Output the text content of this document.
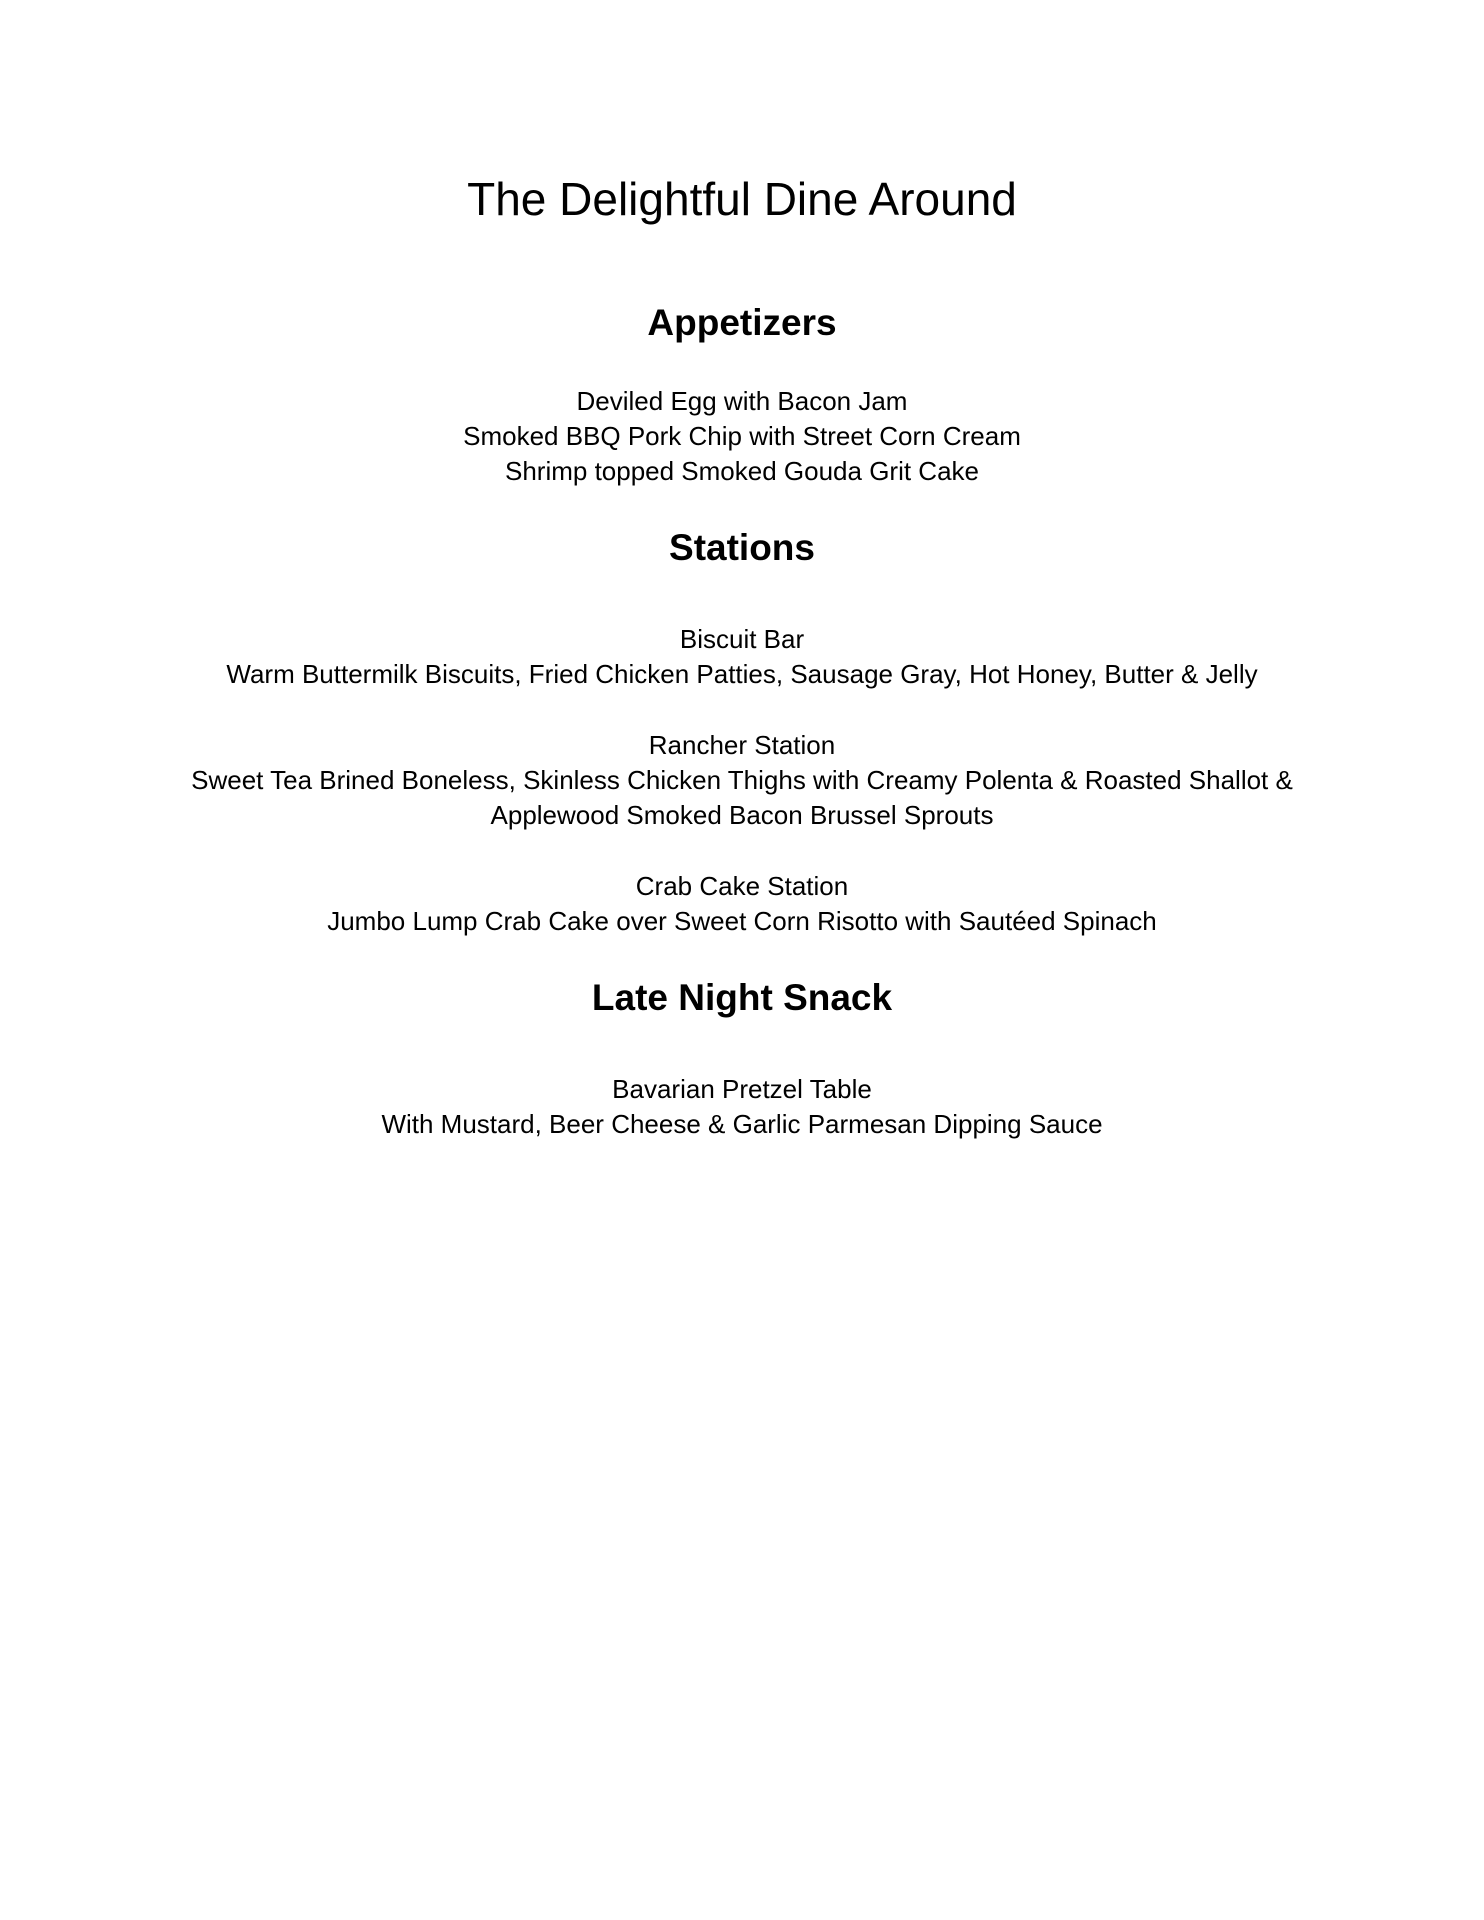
The Delightful Dine Around
Appetizers
Deviled Egg with Bacon Jam
Smoked BBQ Pork Chip with Street Corn Cream
Shrimp topped Smoked Gouda Grit Cake
Stations
Biscuit Bar
Warm Buttermilk Biscuits, Fried Chicken Patties, Sausage Gray, Hot Honey, Butter & Jelly
Rancher Station
Sweet Tea Brined Boneless, Skinless Chicken Thighs with Creamy Polenta & Roasted Shallot &
Applewood Smoked Bacon Brussel Sprouts
Crab Cake Station
Jumbo Lump Crab Cake over Sweet Corn Risotto with Sautéed Spinach
Late Night Snack
Bavarian Pretzel Table
With Mustard, Beer Cheese & Garlic Parmesan Dipping Sauce
